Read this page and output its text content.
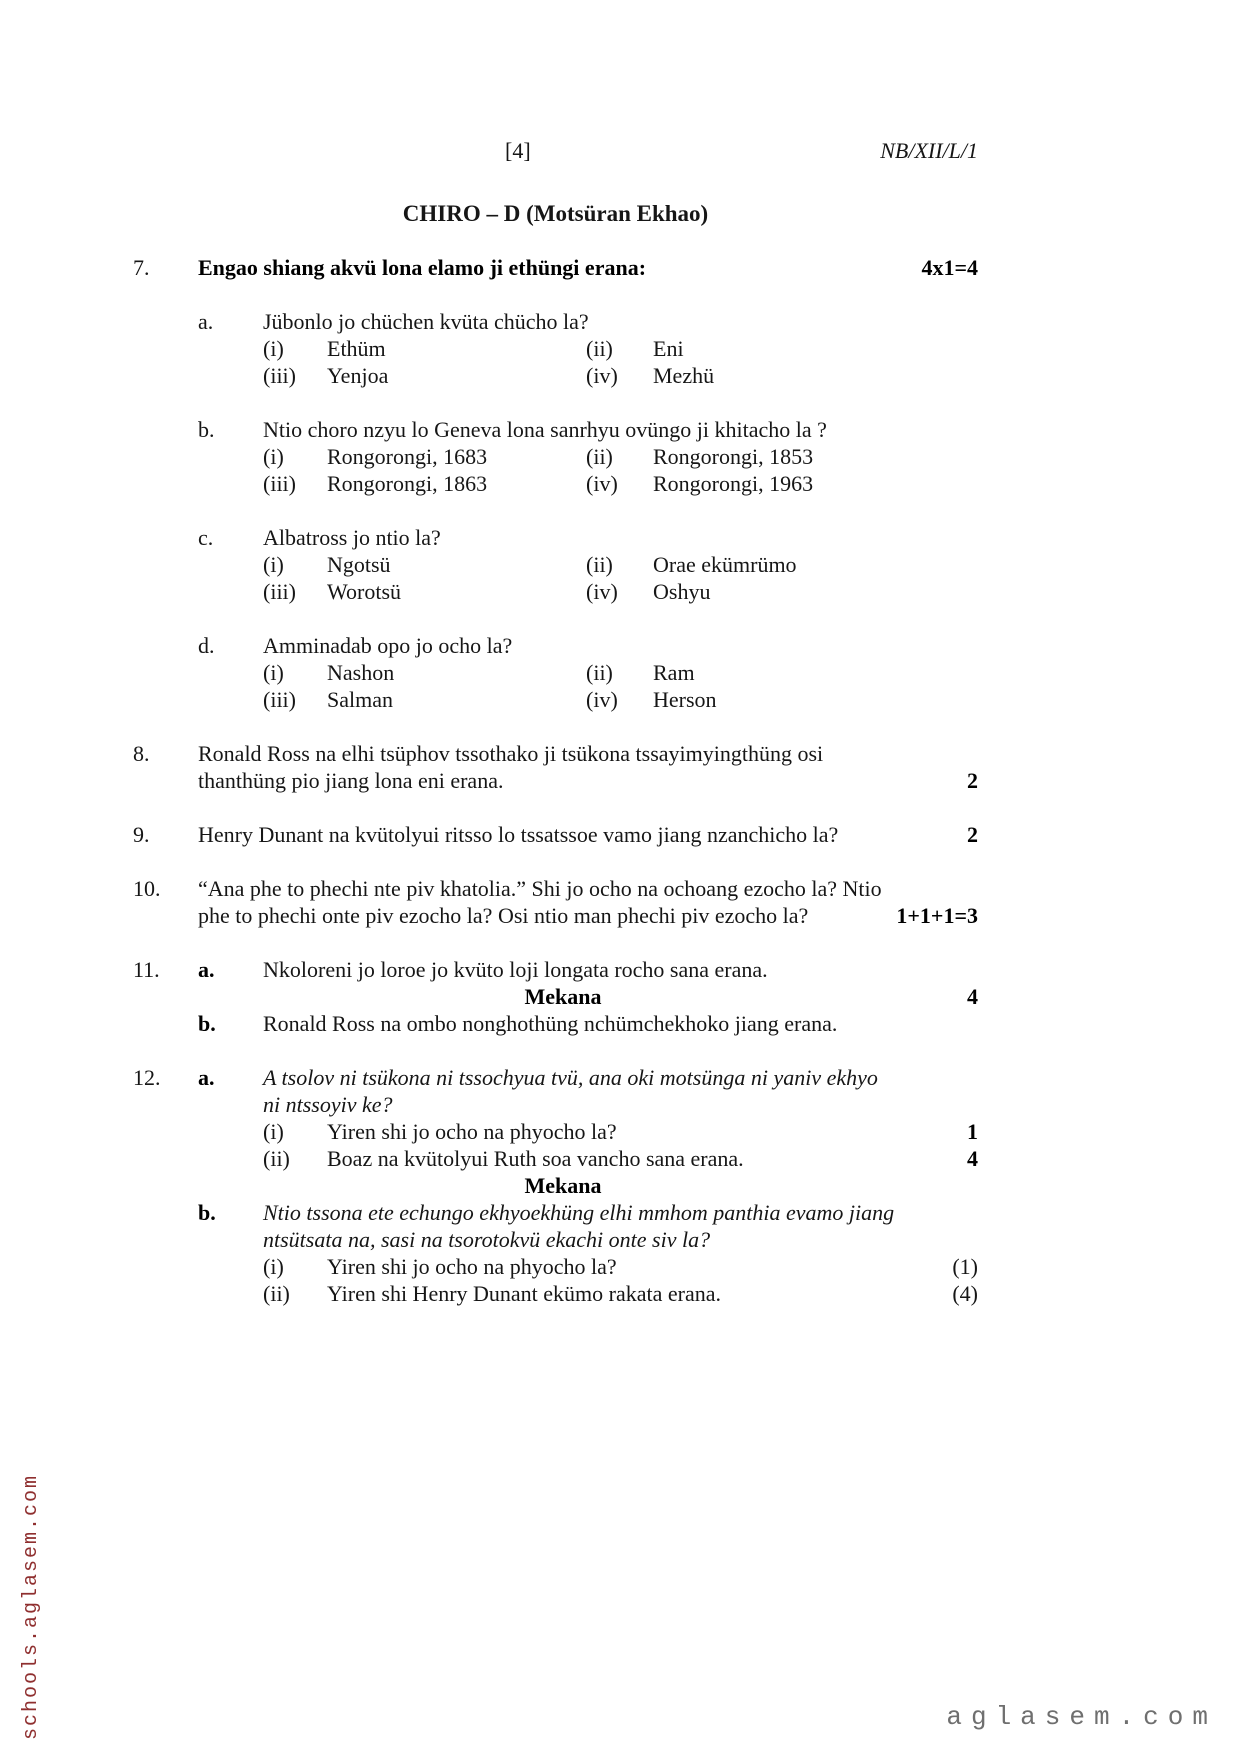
[4]	NB/XII/L/1
CHIRO – D (Motsüran Ekhao)
7.	Engao shiang akvü lona elamo ji ethüngi erana:	4x1=4
a.	Jübonlo jo chüchen kvüta chücho la?
(i)	Ethüm	(ii)	Eni
(iii)	Yenjoa	(iv)	Mezhü
b.	Ntio choro nzyu lo Geneva lona sanrhyu ovüngo ji khitacho la ?
(i)	Rongorongi, 1683	(ii)	Rongorongi, 1853
(iii)	Rongorongi, 1863	(iv)	Rongorongi, 1963
c.	Albatross jo ntio la?
(i)	Ngotsü	(ii)	Orae ekümrümo
(iii)	Worotsü	(iv)	Oshyu
d.	Amminadab opo jo ocho la?
(i)	Nashon	(ii)	Ram
(iii)	Salman	(iv)	Herson
8.	Ronald Ross na elhi tsüphov tssothako ji tsükona tssayimyingthüng osi
thanthüng pio jiang lona eni erana.	2
9.	Henry Dunant na kvütolyui ritsso lo tssatssoe vamo jiang nzanchicho la?	2
10.	“Ana phe to phechi nte piv khatolia.” Shi jo ocho na ochoang ezocho la? Ntio
phe to phechi onte piv ezocho la? Osi ntio man phechi piv ezocho la?	1+1+1=3
11.	a.	Nkoloreni jo loroe jo kvüto loji longata rocho sana erana.
Mekana	4
b.	Ronald Ross na ombo nonghothüng nchümchekhoko jiang erana.
12.	a.	A tsolov ni tsükona ni tssochyua tvü, ana oki motsünga ni yaniv ekhyo
ni ntssoyiv ke?
(i)	Yiren shi jo ocho na phyocho la?	1
(ii)	Boaz na kvütolyui Ruth soa vancho sana erana.	4
Mekana
b.	Ntio tssona ete echungo ekhyoekhüng elhi mmhom panthia evamo jiang
ntsütsata na, sasi na tsorotokvü ekachi onte siv la?
(i)	Yiren shi jo ocho na phyocho la?	(1)
(ii)	Yiren shi Henry Dunant ekümo rakata erana.	(4)
schools.aglasem.com	aglasem.com
